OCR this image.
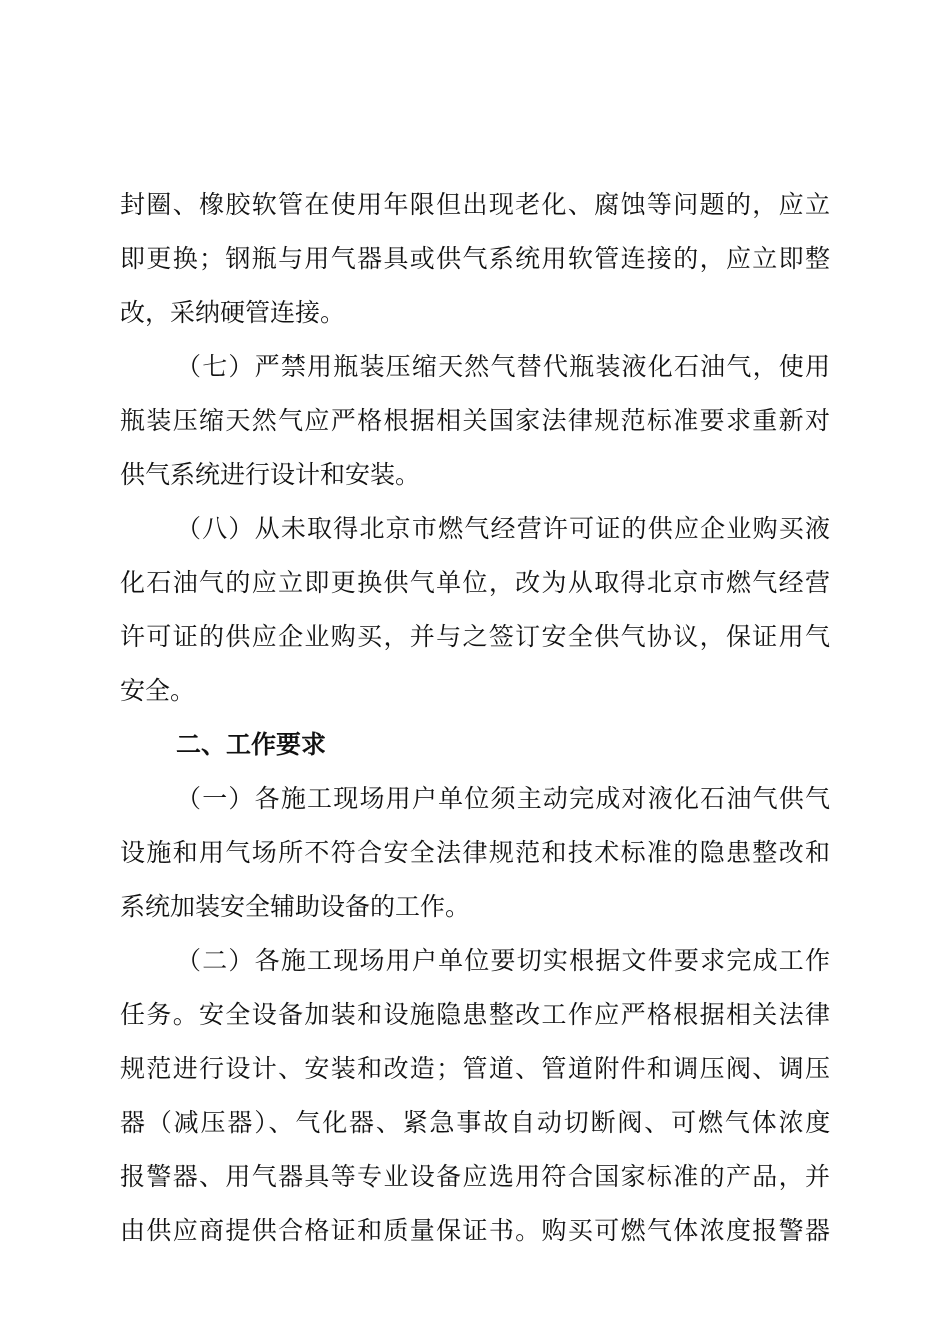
封圈、橡胶软管在使用年限但出现老化、腐蚀等问题的，应立
即更换；钢瓶与用气器具或供气系统用软管连接的，应立即整
改，采纳硬管连接。
（七）严禁用瓶装压缩天然气替代瓶装液化石油气，使用
瓶装压缩天然气应严格根据相关国家法律规范标准要求重新对
供气系统进行设计和安装。
（八）从未取得北京市燃气经营许可证的供应企业购买液
化石油气的应立即更换供气单位，改为从取得北京市燃气经营
许可证的供应企业购买，并与之签订安全供气协议，保证用气
安全。
二、工作要求
（一）各施工现场用户单位须主动完成对液化石油气供气
设施和用气场所不符合安全法律规范和技术标准的隐患整改和
系统加装安全辅助设备的工作。
（二）各施工现场用户单位要切实根据文件要求完成工作
任务。安全设备加装和设施隐患整改工作应严格根据相关法律
规范进行设计、安装和改造；管道、管道附件和调压阀、调压
器（减压器）、气化器、紧急事故自动切断阀、可燃气体浓度
报警器、用气器具等专业设备应选用符合国家标准的产品，并
由供应商提供合格证和质量保证书。购买可燃气体浓度报警器
